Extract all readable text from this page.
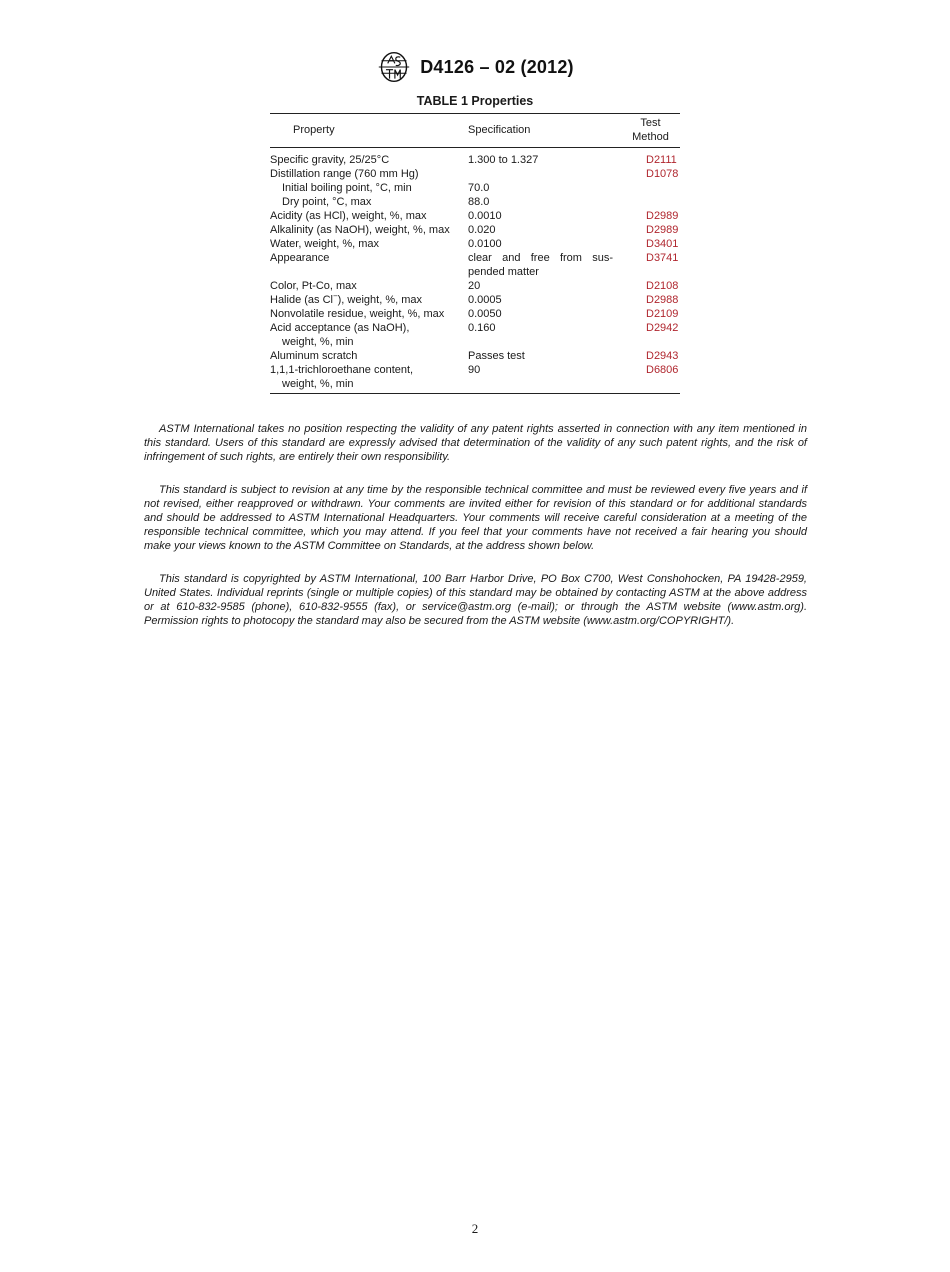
D4126 – 02 (2012)
TABLE 1 Properties
Property	Specification	Test
Method
Specific gravity, 25/25°C	1.300 to 1.327	D2111
Distillation range (760 mm Hg)		D1078
Initial boiling point, °C, min	70.0	
Dry point, °C, max	88.0	
Acidity (as HCl), weight, %, max	0.0010	D2989
Alkalinity (as NaOH), weight, %, max	0.020	D2989
Water, weight, %, max	0.0100	D3401
Appearance	clear and free from sus-pended matter	D3741
Color, Pt-Co, max	20	D2108
Halide (as Cl−), weight, %, max	0.0005	D2988
Nonvolatile residue, weight, %, max	0.0050	D2109
Acid acceptance (as NaOH),
weight, %, min	0.160	D2942
Aluminum scratch	Passes test	D2943
1,1,1-trichloroethane content,
weight, %, min	90	D6806

ASTM International takes no position respecting the validity of any patent rights asserted in connection with any item mentioned in this standard. Users of this standard are expressly advised that determination of the validity of any such patent rights, and the risk of infringement of such rights, are entirely their own responsibility.

This standard is subject to revision at any time by the responsible technical committee and must be reviewed every five years and if not revised, either reapproved or withdrawn. Your comments are invited either for revision of this standard or for additional standards and should be addressed to ASTM International Headquarters. Your comments will receive careful consideration at a meeting of the responsible technical committee, which you may attend. If you feel that your comments have not received a fair hearing you should make your views known to the ASTM Committee on Standards, at the address shown below.

This standard is copyrighted by ASTM International, 100 Barr Harbor Drive, PO Box C700, West Conshohocken, PA 19428-2959, United States. Individual reprints (single or multiple copies) of this standard may be obtained by contacting ASTM at the above address or at 610-832-9585 (phone), 610-832-9555 (fax), or service@astm.org (e-mail); or through the ASTM website (www.astm.org). Permission rights to photocopy the standard may also be secured from the ASTM website (www.astm.org/COPYRIGHT/).

2
